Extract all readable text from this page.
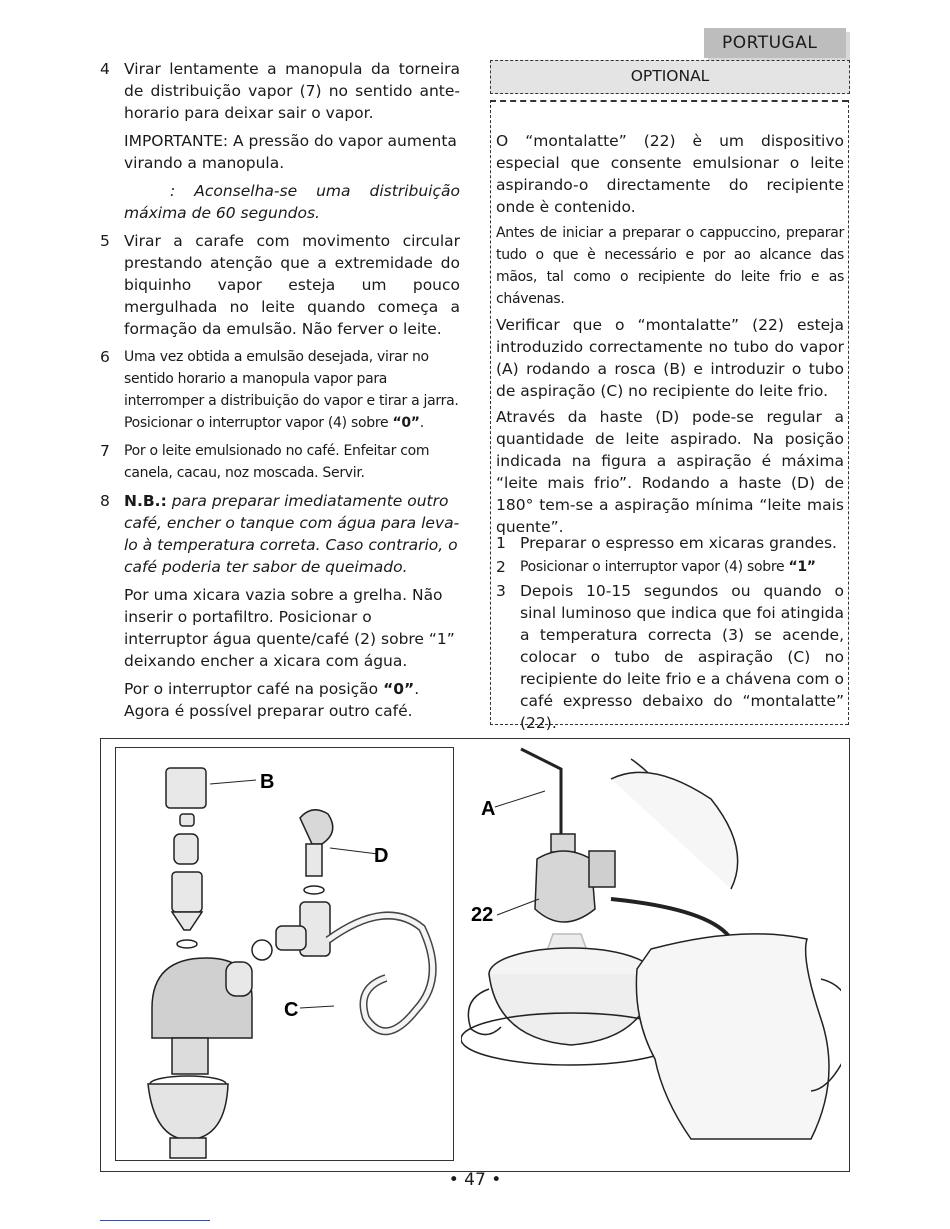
PORTUGAL
4 Virar lentamente a manopula da torneira de distribuição vapor (7) no sentido ante-horario para deixar sair o vapor.
IMPORTANTE: A pressão do vapor aumenta virando a manopula.
: Aconselha-se uma distribuição máxima de 60 segundos.
5 Virar a carafe com movimento circular prestando atenção que a extremidade do biquinho vapor esteja um pouco mergulhada no leite quando começa a formação da emulsão. Não ferver o leite.
6 Uma vez obtida a emulsão desejada, virar no sentido horario a manopula vapor para interromper a distribuição do vapor e tirar a jarra. Posicionar o interruptor vapor (4) sobre “0”.
7 Por o leite emulsionado no café. Enfeitar com canela, cacau, noz moscada. Servir.
8 N.B.: para preparar imediatamente outro café, encher o tanque com água para leva-lo à temperatura correta. Caso contrario, o café poderia ter sabor de queimado.
Por uma xicara vazia sobre a grelha. Não inserir o portafiltro. Posicionar o interruptor água quente/café (2) sobre “1” deixando encher a xicara com água.
Por o interruptor café na posição “0”. Agora é possível preparar outro café.
OPTIONAL

O “montalatte” (22) è um dispositivo especial que consente emulsionar o leite aspirando-o directamente do recipiente onde è contenido.

Antes de iniciar a preparar o cappuccino, preparar tudo o que è necessário e por ao alcance das mãos, tal como o recipiente do leite frio e as chávenas.

Verificar que o “montalatte” (22) esteja introduzido correctamente no tubo do vapor (A) rodando a rosca (B) e introduzir o tubo de aspiração (C) no recipiente do leite frio.

Através da haste (D) pode-se regular a quantidade de leite aspirado. Na posição indicada na figura a aspiração é máxima “leite mais frio”. Rodando a haste (D) de 180° tem-se a aspiração mínima “leite mais quente”.

1 Preparar o espresso em xicaras grandes.
2 Posicionar o interruptor vapor (4) sobre “1”
3 Depois 10-15 segundos ou quando o sinal luminoso que indica que foi atingida a temperatura correcta (3) se acende, colocar o tubo de aspiração (C) no recipiente do leite frio e a chávena com o café expresso debaixo do “montalatte” (22).
B
D
C
A
22
• 47 •
